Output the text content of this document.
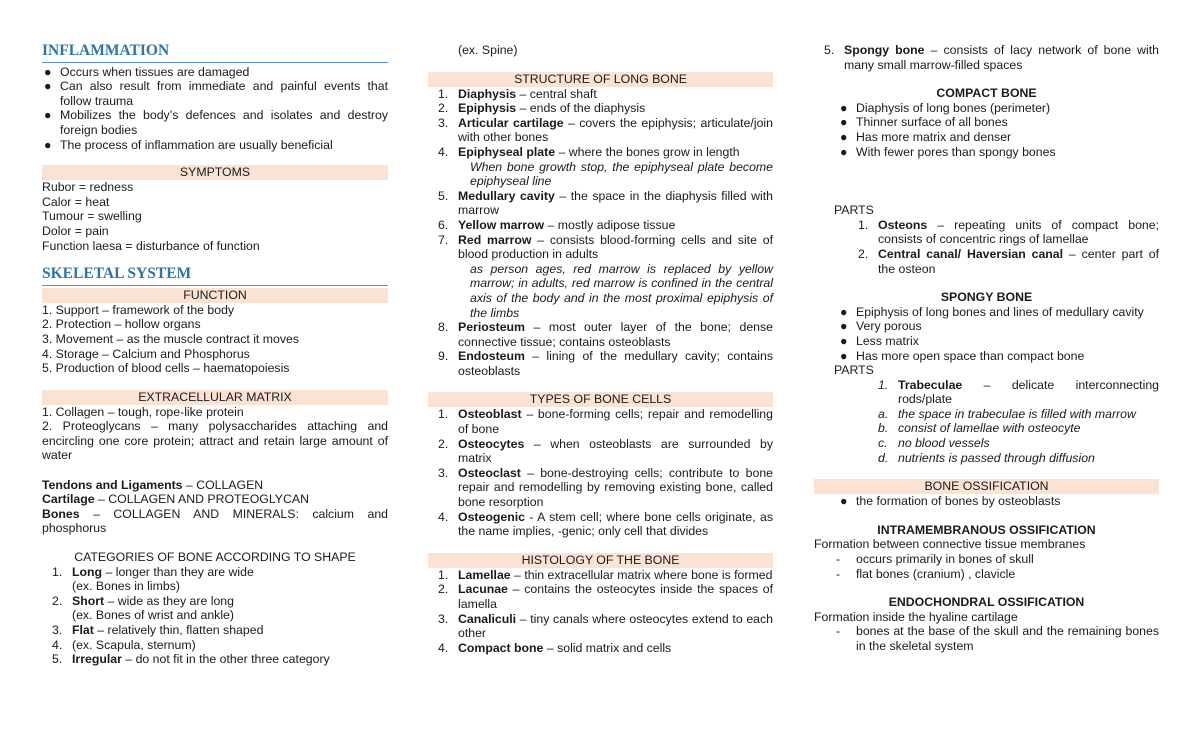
INFLAMMATION
● Occurs when tissues are damaged
● Can also result from immediate and painful events that follow trauma
● Mobilizes the body’s defences and isolates and destroy foreign bodies
● The process of inflammation are usually beneficial
SYMPTOMS
Rubor = redness
Calor = heat
Tumour = swelling
Dolor = pain
Function laesa = disturbance of function
SKELETAL SYSTEM
FUNCTION
1. Support – framework of the body
2. Protection – hollow organs
3. Movement – as the muscle contract it moves
4. Storage – Calcium and Phosphorus
5. Production of blood cells – haematopoiesis
EXTRACELLULAR MATRIX
1. Collagen – tough, rope-like protein
2. Proteoglycans – many polysaccharides attaching and encircling one core protein; attract and retain large amount of water
Tendons and Ligaments – COLLAGEN
Cartilage – COLLAGEN AND PROTEOGLYCAN
Bones – COLLAGEN AND MINERALS: calcium and phosphorus
CATEGORIES OF BONE ACCORDING TO SHAPE
1. Long – longer than they are wide
(ex. Bones in limbs)
2. Short – wide as they are long
(ex. Bones of wrist and ankle)
3. Flat – relatively thin, flatten shaped
4. (ex. Scapula, sternum)
5. Irregular – do not fit in the other three category
(ex. Spine)
STRUCTURE OF LONG BONE
1. Diaphysis – central shaft
2. Epiphysis – ends of the diaphysis
3. Articular cartilage – covers the epiphysis; articulate/join with other bones
4. Epiphyseal plate – where the bones grow in length
When bone growth stop, the epiphyseal plate become epiphyseal line
5. Medullary cavity – the space in the diaphysis filled with marrow
6. Yellow marrow – mostly adipose tissue
7. Red marrow – consists blood-forming cells and site of blood production in adults
as person ages, red marrow is replaced by yellow marrow; in adults, red marrow is confined in the central axis of the body and in the most proximal epiphysis of the limbs
8. Periosteum – most outer layer of the bone; dense connective tissue; contains osteoblasts
9. Endosteum – lining of the medullary cavity; contains osteoblasts
TYPES OF BONE CELLS
1. Osteoblast – bone-forming cells; repair and remodelling of bone
2. Osteocytes – when osteoblasts are surrounded by matrix
3. Osteoclast – bone-destroying cells; contribute to bone repair and remodelling by removing existing bone, called bone resorption
4. Osteogenic - A stem cell; where bone cells originate, as the name implies, -genic; only cell that divides
HISTOLOGY OF THE BONE
1. Lamellae – thin extracellular matrix where bone is formed
2. Lacunae – contains the osteocytes inside the spaces of lamella
3. Canaliculi – tiny canals where osteocytes extend to each other
4. Compact bone – solid matrix and cells
5. Spongy bone – consists of lacy network of bone with many small marrow-filled spaces
COMPACT BONE
● Diaphysis of long bones (perimeter)
● Thinner surface of all bones
● Has more matrix and denser
● With fewer pores than spongy bones
PARTS
1. Osteons – repeating units of compact bone; consists of concentric rings of lamellae
2. Central canal/ Haversian canal – center part of the osteon
SPONGY BONE
● Epiphysis of long bones and lines of medullary cavity
● Very porous
● Less matrix
● Has more open space than compact bone
PARTS
1. Trabeculae – delicate interconnecting rods/plate
a. the space in trabeculae is filled with marrow
b. consist of lamellae with osteocyte
c. no blood vessels
d. nutrients is passed through diffusion
BONE OSSIFICATION
● the formation of bones by osteoblasts
INTRAMEMBRANOUS OSSIFICATION
Formation between connective tissue membranes
- occurs primarily in bones of skull
- flat bones (cranium) , clavicle
ENDOCHONDRAL OSSIFICATION
Formation inside the hyaline cartilage
- bones at the base of the skull and the remaining bones in the skeletal system
